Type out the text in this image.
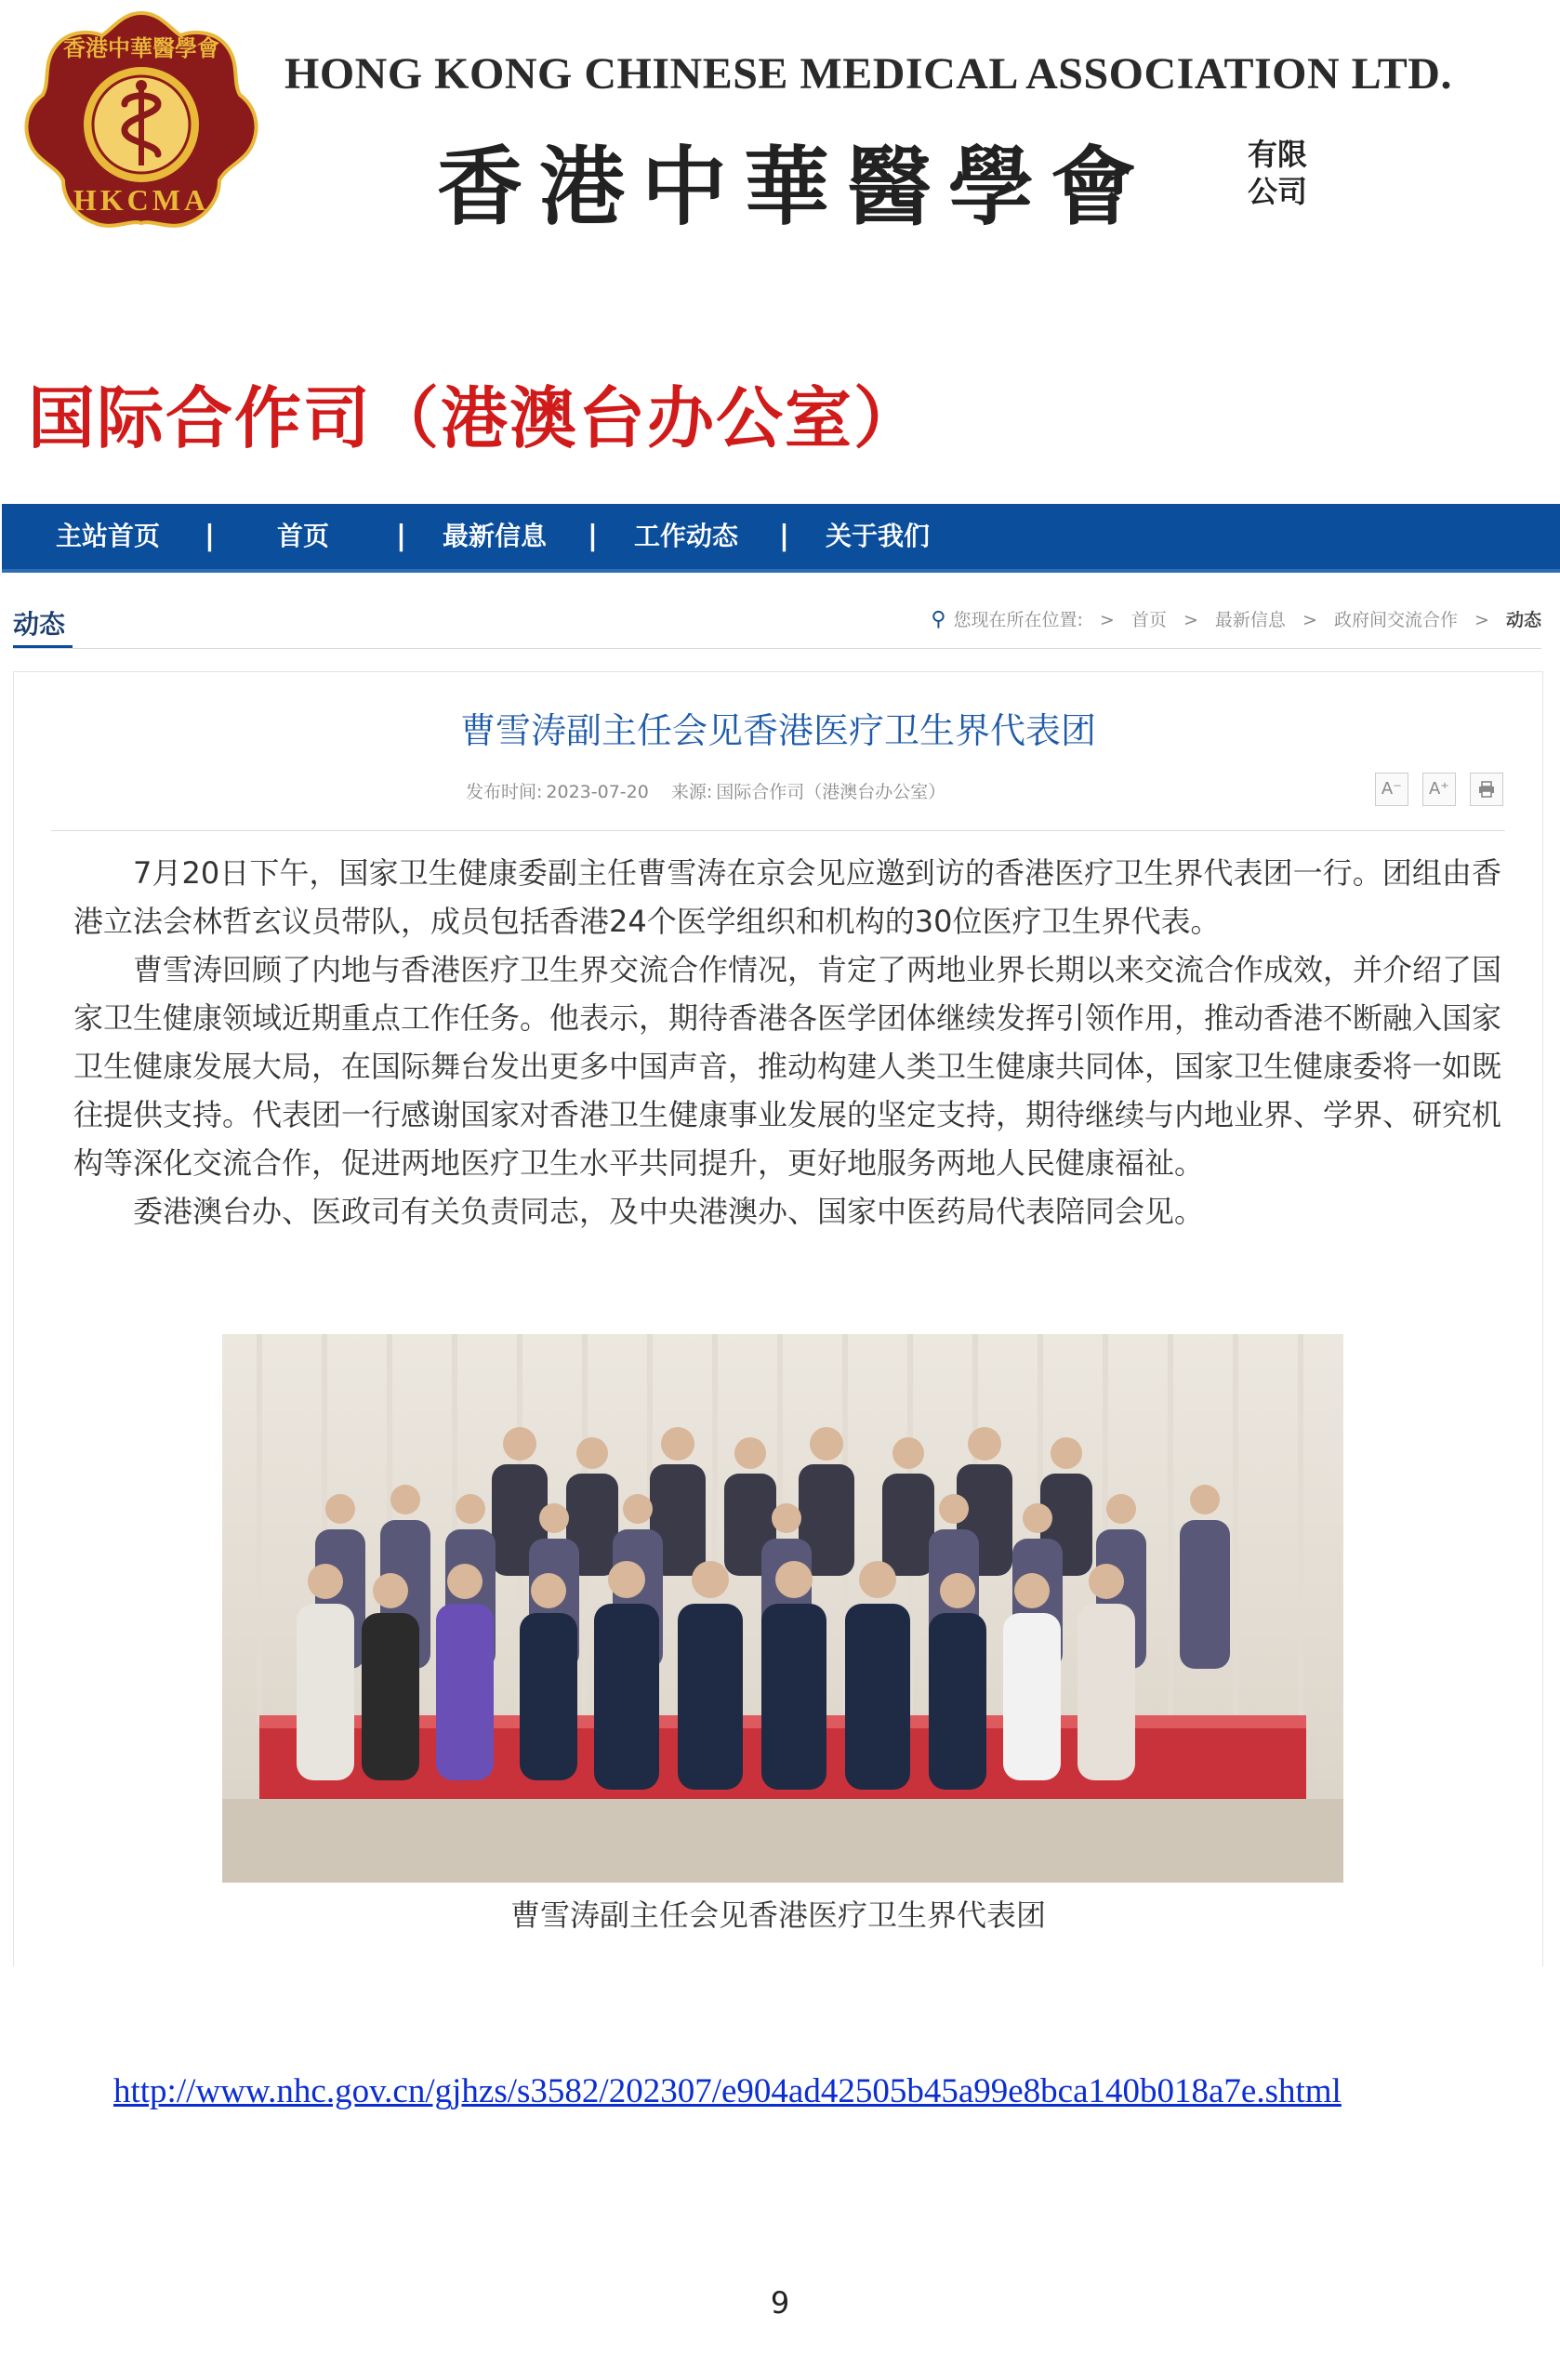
香港中華醫學會
HKCMA
HONG KONG CHINESE MEDICAL ASSOCIATION LTD.
香港中華醫學會	有限
公司
国际合作司（港澳台办公室）
主站首页 | 首页 | 最新信息 | 工作动态 | 关于我们
动态	⚲ 您现在所在位置: > 首页 > 最新信息 > 政府间交流合作 > 动态
曹雪涛副主任会见香港医疗卫生界代表团
发布时间: 2023-07-20 来源: 国际合作司（港澳台办公室）	A⁻ A⁺

7月20日下午，国家卫生健康委副主任曹雪涛在京会见应邀到访的香港医疗卫生界代表团一行。团组由香港立法会林哲玄议员带队，成员包括香港24个医学组织和机构的30位医疗卫生界代表。

曹雪涛回顾了内地与香港医疗卫生界交流合作情况，肯定了两地业界长期以来交流合作成效，并介绍了国家卫生健康领域近期重点工作任务。他表示，期待香港各医学团体继续发挥引领作用，推动香港不断融入国家卫生健康发展大局，在国际舞台发出更多中国声音，推动构建人类卫生健康共同体，国家卫生健康委将一如既往提供支持。代表团一行感谢国家对香港卫生健康事业发展的坚定支持，期待继续与内地业界、学界、研究机构等深化交流合作，促进两地医疗卫生水平共同提升，更好地服务两地人民健康福祉。

委港澳台办、医政司有关负责同志，及中央港澳办、国家中医药局代表陪同会见。

曹雪涛副主任会见香港医疗卫生界代表团
http://www.nhc.gov.cn/gjhzs/s3582/202307/e904ad42505b45a99e8bca140b018a7e.shtml
9
